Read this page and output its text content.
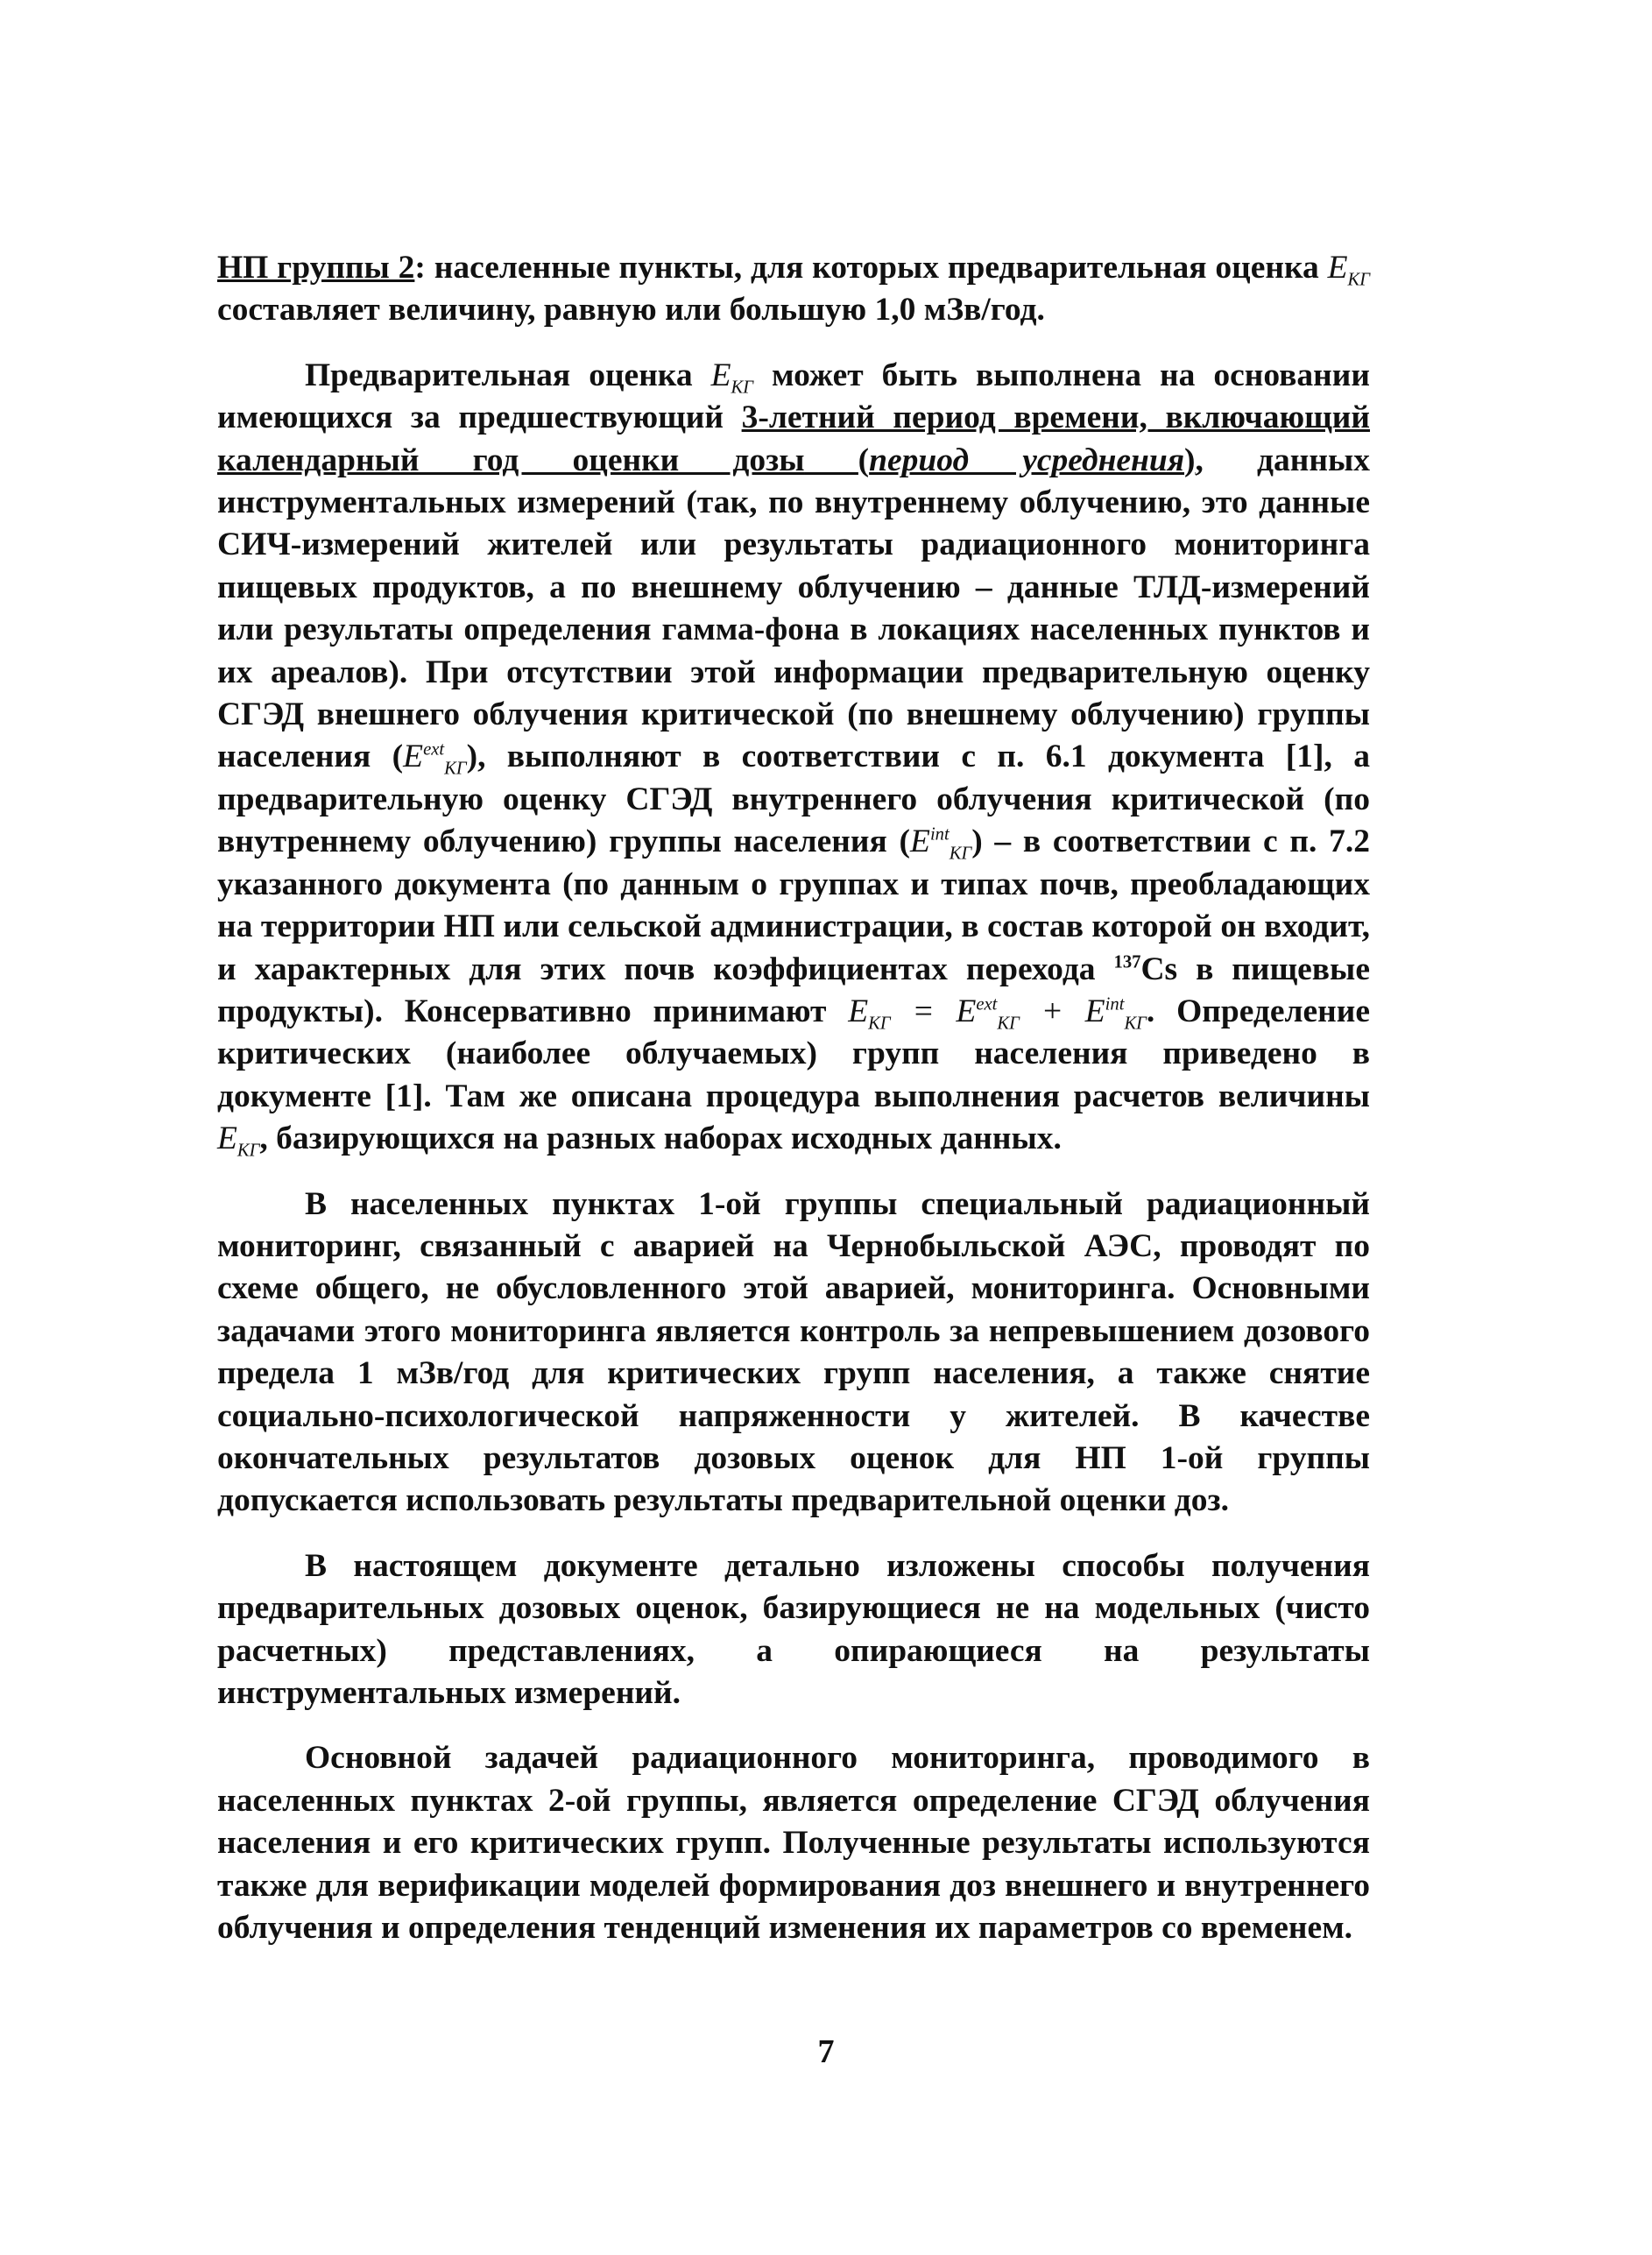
НП группы 2: населенные пункты, для которых предварительная оценка $E_{KГ}$ составляет величину, равную или большую 1,0 мЗв/год.

Предварительная оценка $E_{KГ}$ может быть выполнена на основании имеющихся за предшествующий 3-летний период времени, включающий календарный год оценки дозы (период усреднения), данных инструментальных измерений (так, по внутреннему облучению, это данные СИЧ-измерений жителей или результаты радиационного мониторинга пищевых продуктов, а по внешнему облучению – данные ТЛД-измерений или результаты определения гамма-фона в локациях населенных пунктов и их ареалов). При отсутствии этой информации предварительную оценку СГЭД внешнего облучения критической (по внешнему облучению) группы населения $(E^{ext}_{KГ})$, выполняют в соответствии с п. 6.1 документа [1], а предварительную оценку СГЭД внутреннего облучения критической (по внутреннему облучению) группы населения $(E^{int}_{KГ})$ – в соответствии с п. 7.2 указанного документа (по данным о группах и типах почв, преобладающих на территории НП или сельской администрации, в состав которой он входит, и характерных для этих почв коэффициентах перехода $^{137}$Cs в пищевые продукты). Консервативно принимают $E_{KГ} = E^{ext}_{KГ} + E^{int}_{KГ}$. Определение критических (наиболее облучаемых) групп населения приведено в документе [1]. Там же описана процедура выполнения расчетов величины $E_{KГ}$, базирующихся на разных наборах исходных данных.

В населенных пунктах 1-ой группы специальный радиационный мониторинг, связанный с аварией на Чернобыльской АЭС, проводят по схеме общего, не обусловленного этой аварией, мониторинга. Основными задачами этого мониторинга является контроль за непревышением дозового предела 1 мЗв/год для критических групп населения, а также снятие социально-психологической напряженности у жителей. В качестве окончательных результатов дозовых оценок для НП 1-ой группы допускается использовать результаты предварительной оценки доз.

В настоящем документе детально изложены способы получения предварительных дозовых оценок, базирующиеся не на модельных (чисто расчетных) представлениях, а опирающиеся на результаты инструментальных измерений.

Основной задачей радиационного мониторинга, проводимого в населенных пунктах 2-ой группы, является определение СГЭД облучения населения и его критических групп. Полученные результаты используются также для верификации моделей формирования доз внешнего и внутреннего облучения и определения тенденций изменения их параметров со временем.

7
